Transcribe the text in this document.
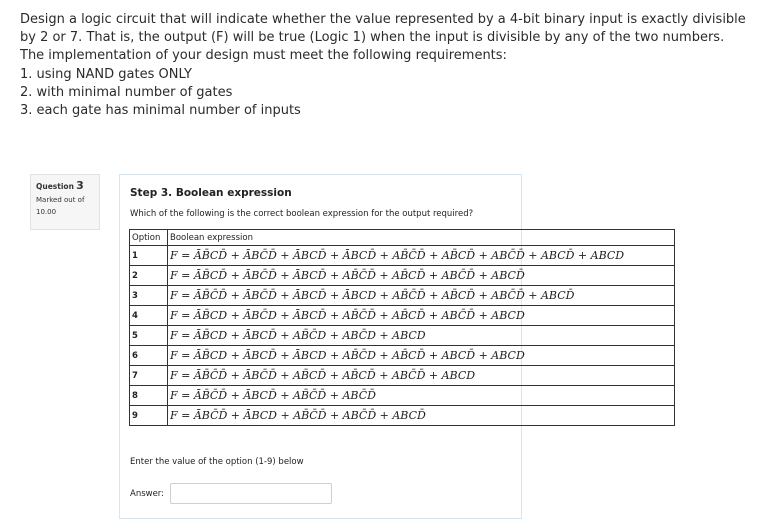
Design a logic circuit that will indicate whether the value represented by a 4-bit binary input is exactly divisible by 2 or 7. That is, the output (F) will be true (Logic 1) when the input is divisible by any of the two numbers.

The implementation of your design must meet the following requirements:

1. using NAND gates ONLY

2. with minimal number of gates

3. each gate has minimal number of inputs

Question 3
Marked out of
10.00
Step 3. Boolean expression
Which of the following is the correct boolean expression for the output required?
Option	Boolean expression
1	F = ĀB̄CD̄ + ĀBC̄D̄ + ĀBCD̄ + ĀBCD̄ + AB̄C̄D̄ + AB̄CD̄ + ABC̄D̄ + ABCD̄ + ABCD
2	F = ĀB̄CD̄ + ĀBC̄D̄ + ĀBCD̄ + AB̄C̄D̄ + AB̄CD̄ + ABC̄D̄ + ABCD̄
3	F = ĀB̄C̄D̄ + ĀBC̄D̄ + ĀBCD̄ + ĀBCD + AB̄C̄D̄ + AB̄CD̄ + ABC̄D̄ + ABCD̄
4	F = ĀB̄CD + ĀBC̄D + ĀBCD̄ + AB̄C̄D̄ + AB̄CD̄ + ABC̄D̄ + ABCD
5	F = ĀB̄CD + ĀBCD̄ + AB̄C̄D + ABC̄D + ABCD
6	F = ĀB̄CD + ĀBCD̄ + ĀBCD + AB̄C̄D + AB̄CD̄ + ABCD̄ + ABCD
7	F = ĀB̄C̄D̄ + ĀBC̄D̄ + AB̄CD̄ + AB̄CD̄ + ABC̄D̄ + ABCD
8	F = ĀB̄C̄D̄ + ĀBCD̄ + AB̄C̄D̄ + ABC̄D̄
9	F = ĀBC̄D̄ + ĀBCD + AB̄C̄D̄ + ABC̄D̄ + ABCD̄
Enter the value of the option (1-9) below
Answer:
